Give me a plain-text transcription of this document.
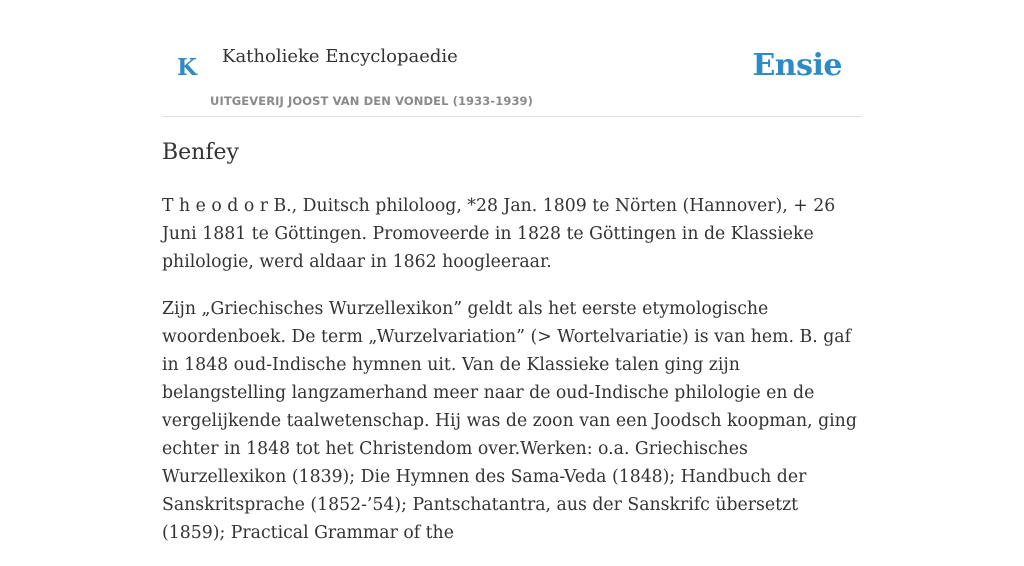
K Katholieke Encyclopaedie
UITGEVERIJ JOOST VAN DEN VONDEL (1933-1939)
Ensie
Benfey

T h e o d o r B., Duitsch philoloog, *28 Jan. 1809 te Nörten (Hannover), + 26 Juni 1881 te Göttingen. Promoveerde in 1828 te Göttingen in de Klassieke philologie, werd aldaar in 1862 hoogleeraar.

Zijn „Griechisches Wurzellexikon” geldt als het eerste etymologische woordenboek. De term „Wurzelvariation” (> Wortelvariatie) is van hem. B. gaf in 1848 oud-Indische hymnen uit. Van de Klassieke talen ging zijn belangstelling langzamerhand meer naar de oud-Indische philologie en de vergelijkende taalwetenschap. Hij was de zoon van een Joodsch koopman, ging echter in 1848 tot het Christendom over.Werken: o.a. Griechisches Wurzellexikon (1839); Die Hymnen des Sama-Veda (1848); Handbuch der Sanskritsprache (1852-’54); Pantschatantra, aus der Sanskrifc übersetzt (1859); Practical Grammar of the
